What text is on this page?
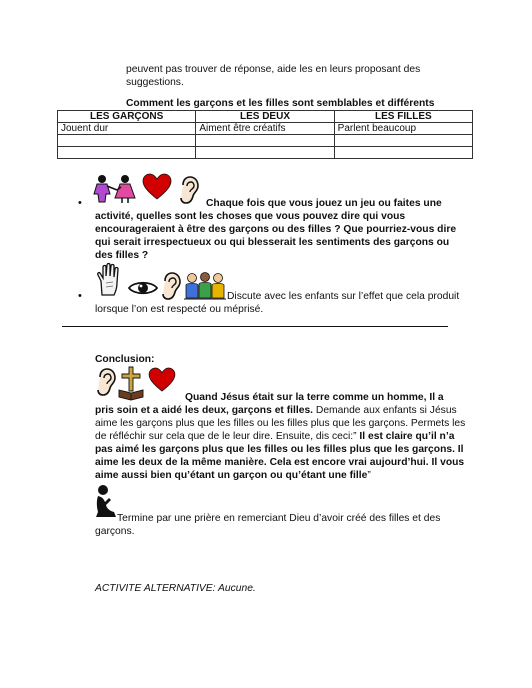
peuvent pas trouver de réponse, aide les en leurs proposant des
suggestions.
Comment les garçons et les filles sont semblables et différents
LES GARÇONS	LES DEUX	LES FILLES
Jouent dur	Aiment être créatifs	Parlent beaucoup

•	Chaque fois que vous jouez un jeu ou faites une
activité, quelles sont les choses que vous pouvez dire qui vous
encourageraient à être des garçons ou des filles ? Que pourriez-vous dire
qui serait irrespectueux ou qui blesserait les sentiments des garçons ou
des filles ?
•	Discute avec les enfants sur l’effet que cela produit
lorsque l’on est respecté ou méprisé.
Conclusion:
Quand Jésus était sur la terre comme un homme, Il a
pris soin et a aidé les deux, garçons et filles. Demande aux enfants si Jésus
aime les garçons plus que les filles ou les filles plus que les garçons. Permets les
de réfléchir sur cela que de le leur dire. Ensuite, dis ceci:” Il est claire qu’il n’a
pas aimé les garçons plus que les filles ou les filles plus que les garçons. Il
aime les deux de la même manière. Cela est encore vrai aujourd’hui. Il vous
aime aussi bien qu’étant un garçon ou qu’étant une fille”
Termine par une prière en remerciant Dieu d’avoir créé des filles et des
garçons.
ACTIVITE ALTERNATIVE: Aucune.
